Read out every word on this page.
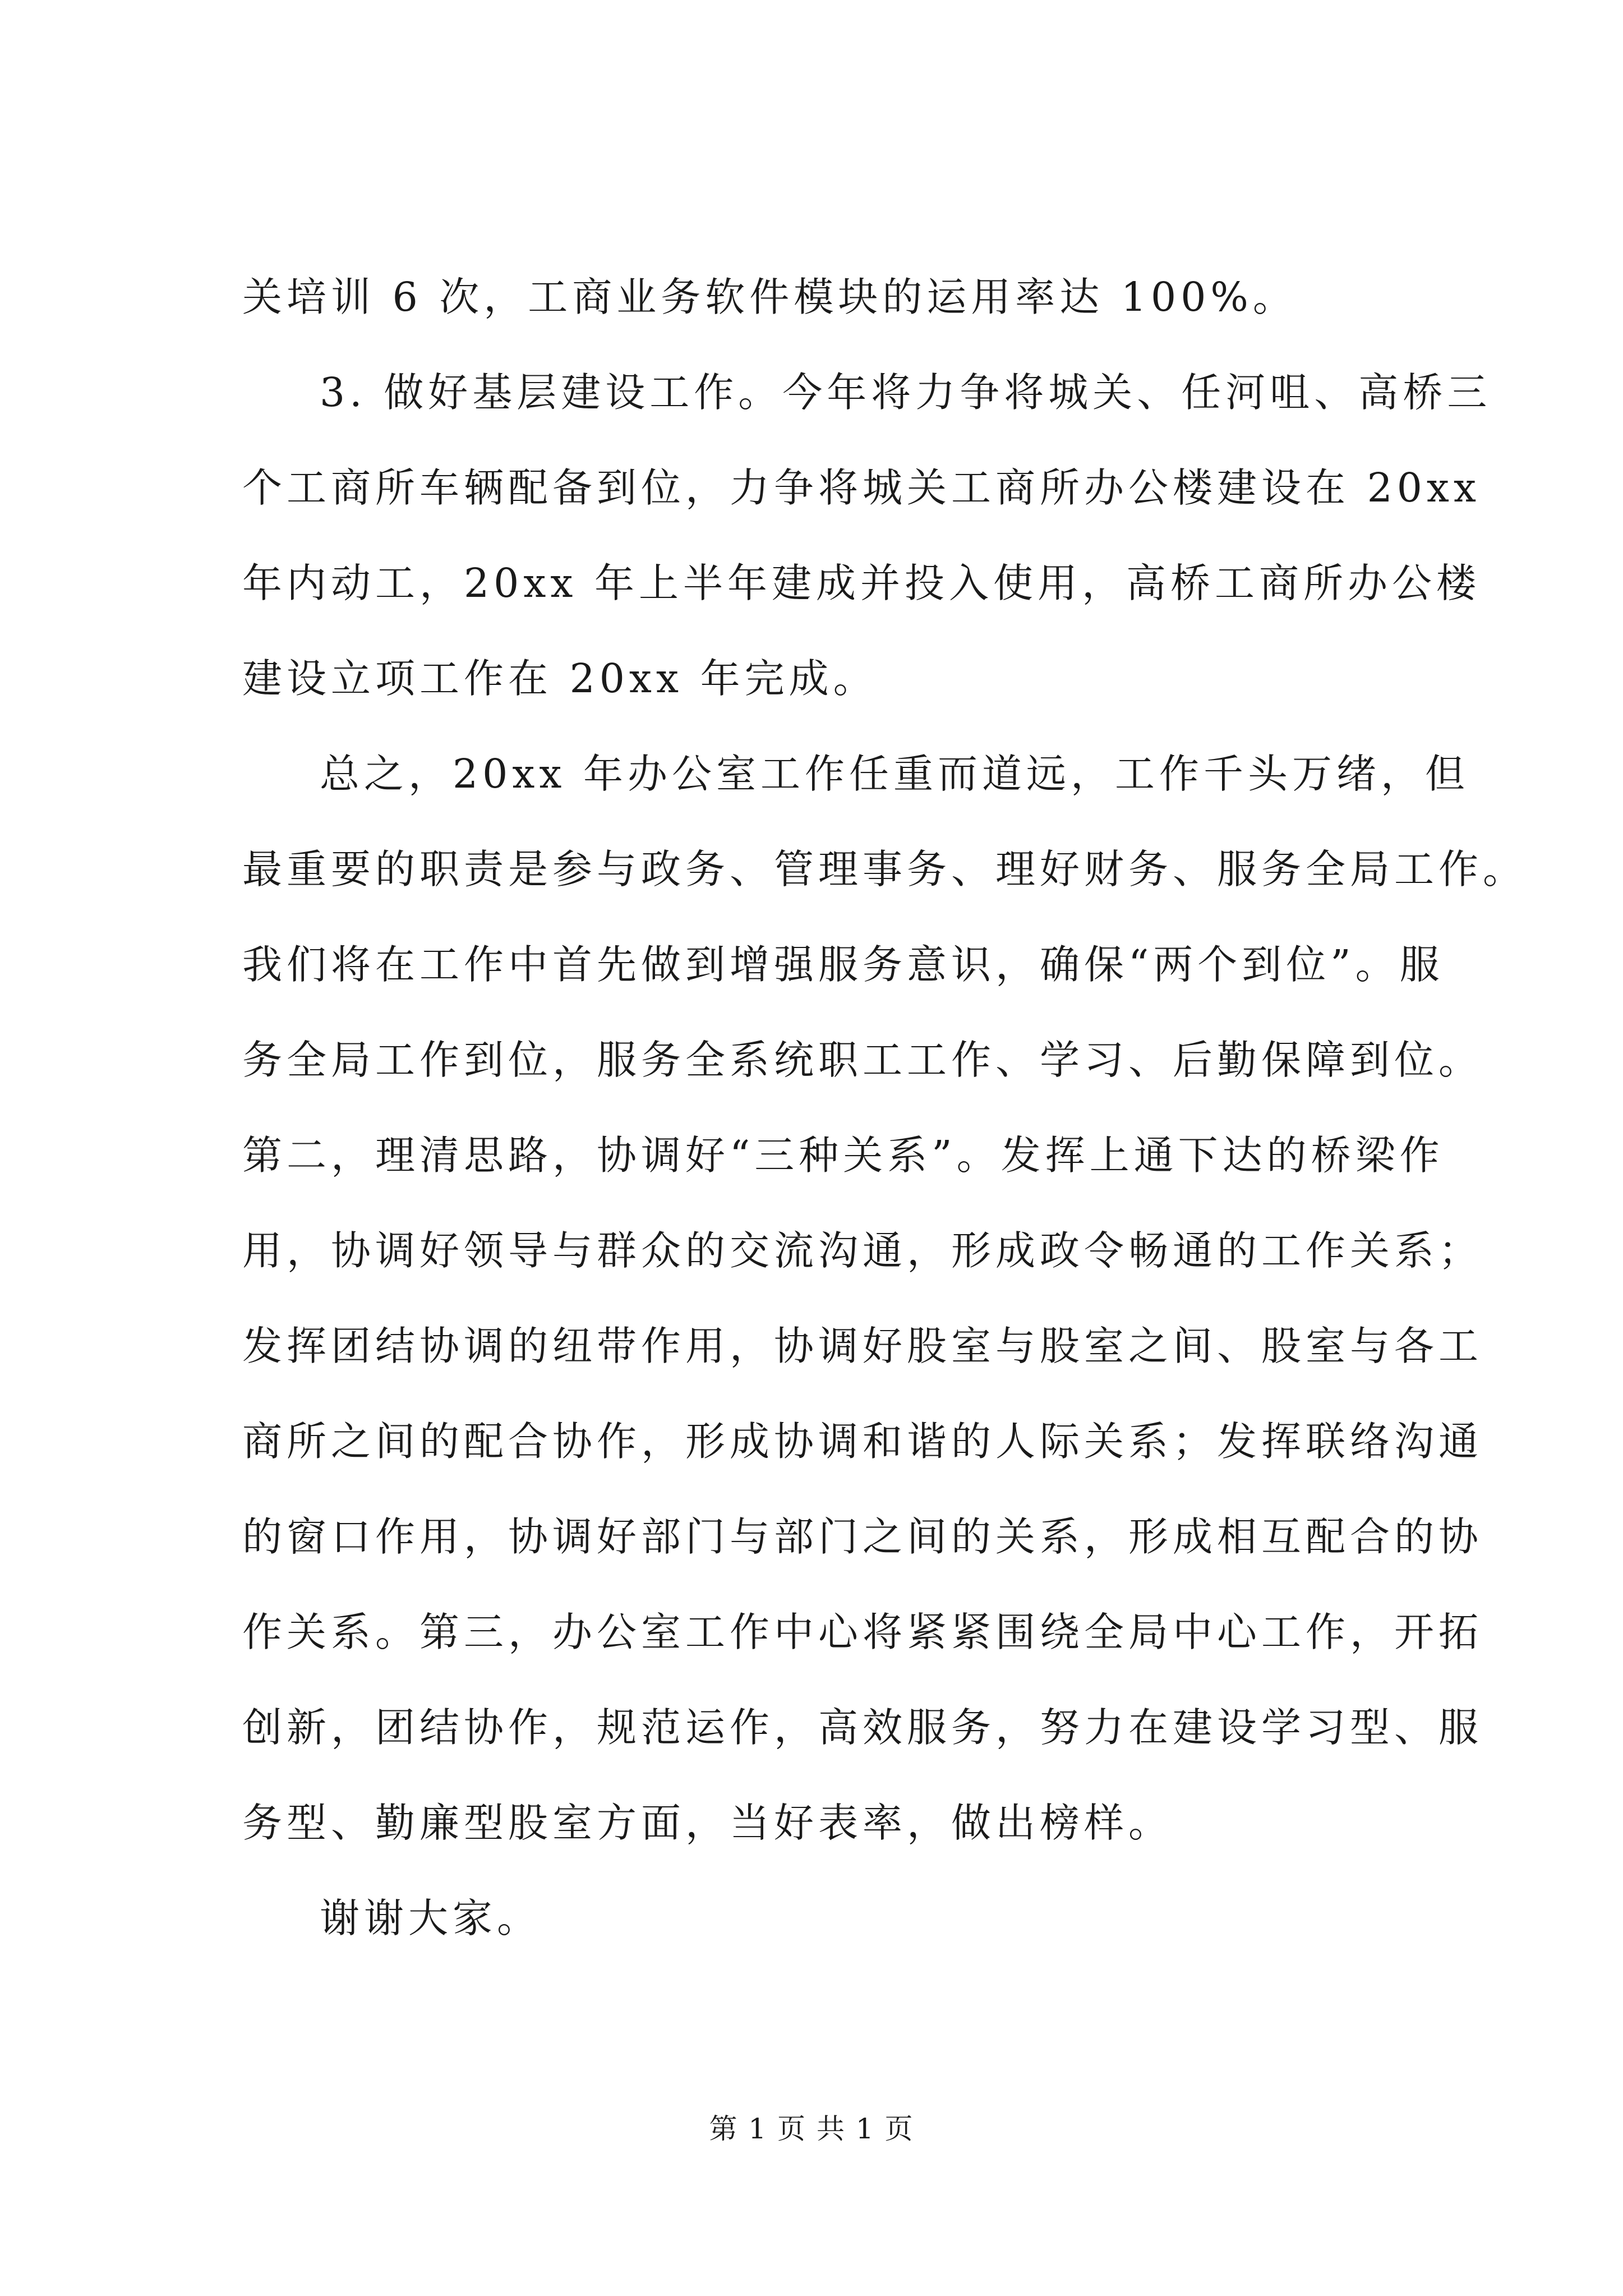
关培训 6 次，工商业务软件模块的运用率达 100%。
3. 做好基层建设工作。今年将力争将城关、任河咀、高桥三
个工商所车辆配备到位，力争将城关工商所办公楼建设在 20xx
年内动工，20xx 年上半年建成并投入使用，高桥工商所办公楼
建设立项工作在 20xx 年完成。
总之，20xx 年办公室工作任重而道远，工作千头万绪，但
最重要的职责是参与政务、管理事务、理好财务、服务全局工作。
我们将在工作中首先做到增强服务意识，确保“两个到位”。服
务全局工作到位，服务全系统职工工作、学习、后勤保障到位。
第二，理清思路，协调好“三种关系”。发挥上通下达的桥梁作
用，协调好领导与群众的交流沟通，形成政令畅通的工作关系；
发挥团结协调的纽带作用，协调好股室与股室之间、股室与各工
商所之间的配合协作，形成协调和谐的人际关系；发挥联络沟通
的窗口作用，协调好部门与部门之间的关系，形成相互配合的协
作关系。第三，办公室工作中心将紧紧围绕全局中心工作，开拓
创新，团结协作，规范运作，高效服务，努力在建设学习型、服
务型、勤廉型股室方面，当好表率，做出榜样。
谢谢大家。
第 1 页 共 1 页
